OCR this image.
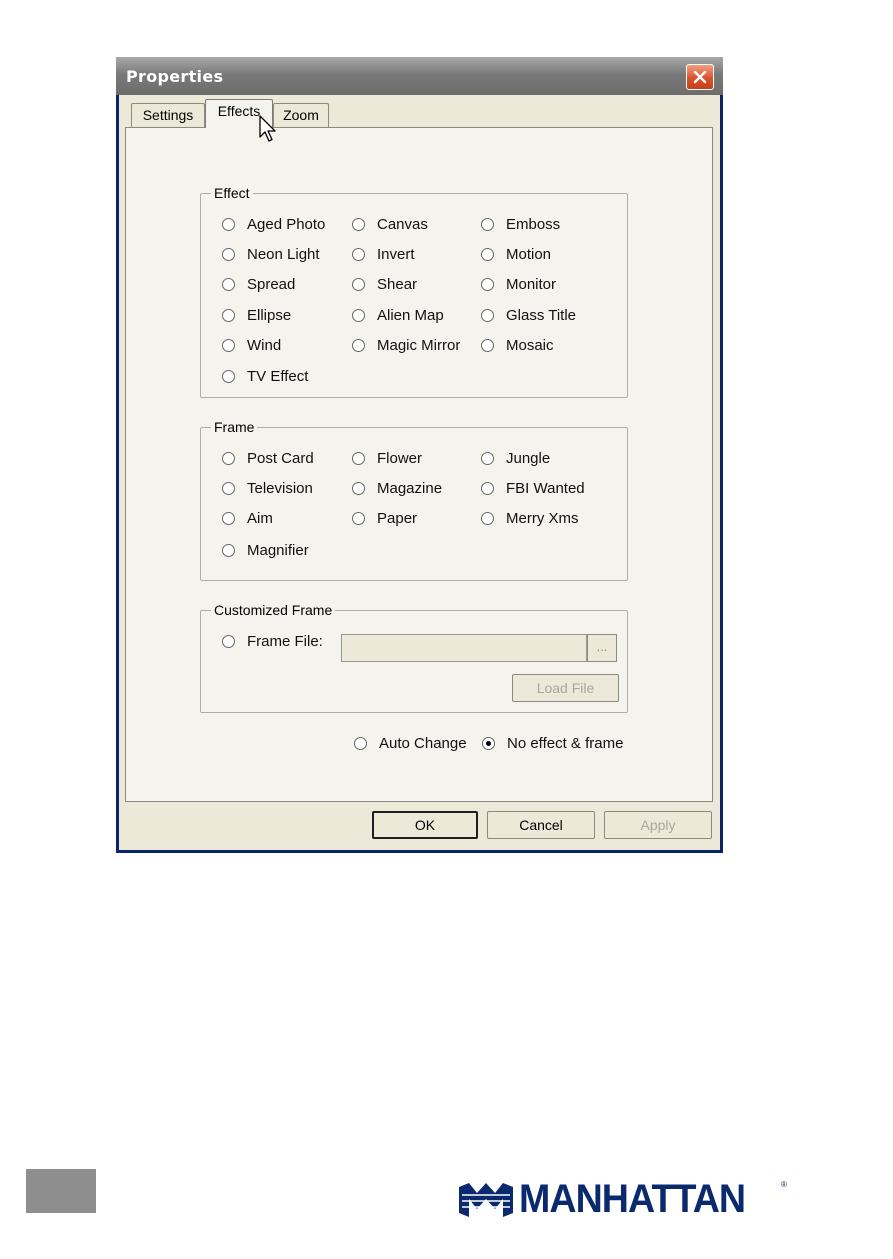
Properties
Settings	Effects	Zoom
Effect
Aged Photo	Canvas	Emboss
Neon Light	Invert	Motion
Spread	Shear	Monitor
Ellipse	Alien Map	Glass Title
Wind	Magic Mirror	Mosaic
TV Effect
Frame
Post Card	Flower	Jungle
Television	Magazine	FBI Wanted
Aim	Paper	Merry Xms
Magnifier
Customized Frame
Frame File:	...
Load File
Auto Change	No effect & frame
OK	Cancel	Apply
MANHATTAN	®
